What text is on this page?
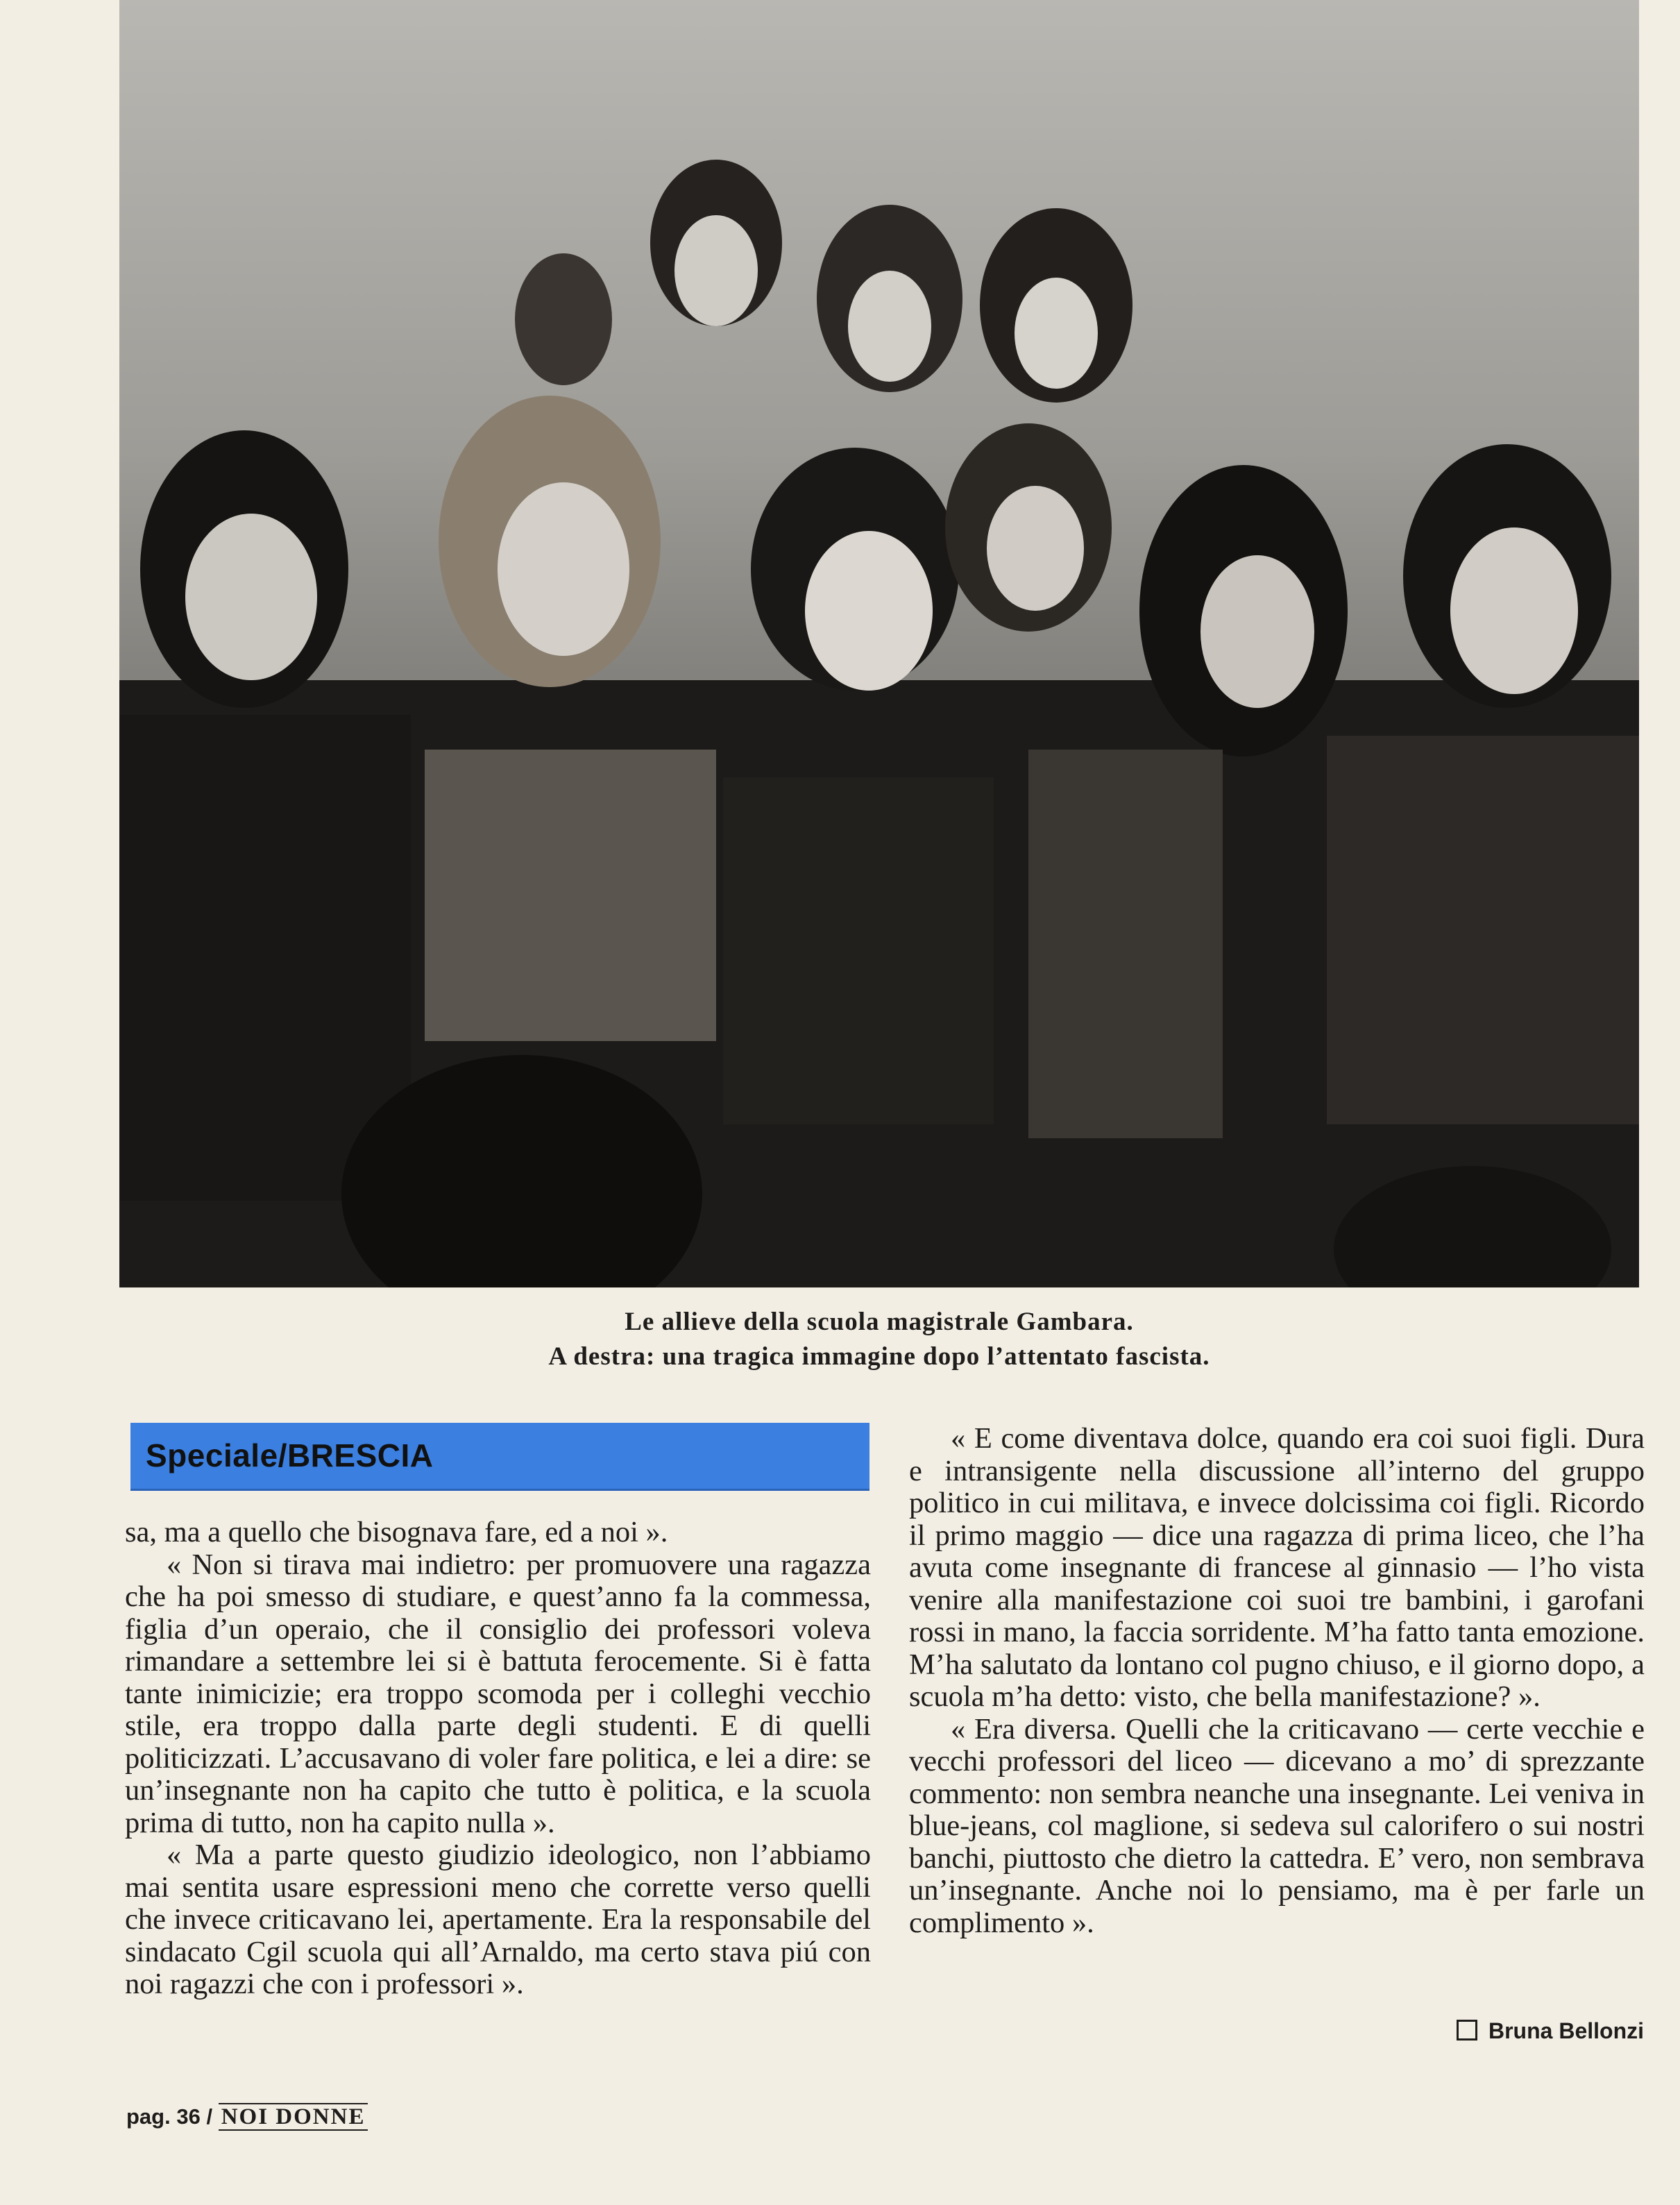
Le allieve della scuola magistrale Gambara.
A destra: una tragica immagine dopo l’attentato fascista.
Speciale/BRESCIA

sa, ma a quello che bisognava fare, ed a noi ».

« Non si tirava mai indietro: per promuovere una ragazza che ha poi smesso di studiare, e quest’anno fa la commessa, figlia d’un operaio, che il consiglio dei professori voleva rimandare a settembre lei si è battuta ferocemente. Si è fatta tante inimicizie; era troppo scomoda per i colleghi vecchio stile, era troppo dalla parte degli studenti. E di quelli politicizzati. L’accusavano di voler fare politica, e lei a dire: se un’insegnante non ha capito che tutto è politica, e la scuola prima di tutto, non ha capito nulla ».

« Ma a parte questo giudizio ideologico, non l’abbiamo mai sentita usare espressioni meno che corrette verso quelli che invece criticavano lei, apertamente. Era la responsabile del sindacato Cgil scuola qui all’Arnaldo, ma certo stava piú con noi ragazzi che con i professori ».

« E come diventava dolce, quando era coi suoi figli. Dura e intransigente nella discussione all’interno del gruppo politico in cui militava, e invece dolcissima coi figli. Ricordo il primo maggio — dice una ragazza di prima liceo, che l’ha avuta come insegnante di francese al ginnasio — l’ho vista venire alla manifestazione coi suoi tre bambini, i garofani rossi in mano, la faccia sorridente. M’ha fatto tanta emozione. M’ha salutato da lontano col pugno chiuso, e il giorno dopo, a scuola m’ha detto: visto, che bella manifestazione? ».

« Era diversa. Quelli che la criticavano — certe vecchie e vecchi professori del liceo — dicevano a mo’ di sprezzante commento: non sembra neanche una insegnante. Lei veniva in blue-jeans, col maglione, si sedeva sul calorifero o sui nostri banchi, piuttosto che dietro la cattedra. E’ vero, non sembrava un’insegnante. Anche noi lo pensiamo, ma è per farle un complimento ».

Bruna Bellonzi
pag. 36 / NOI DONNE
